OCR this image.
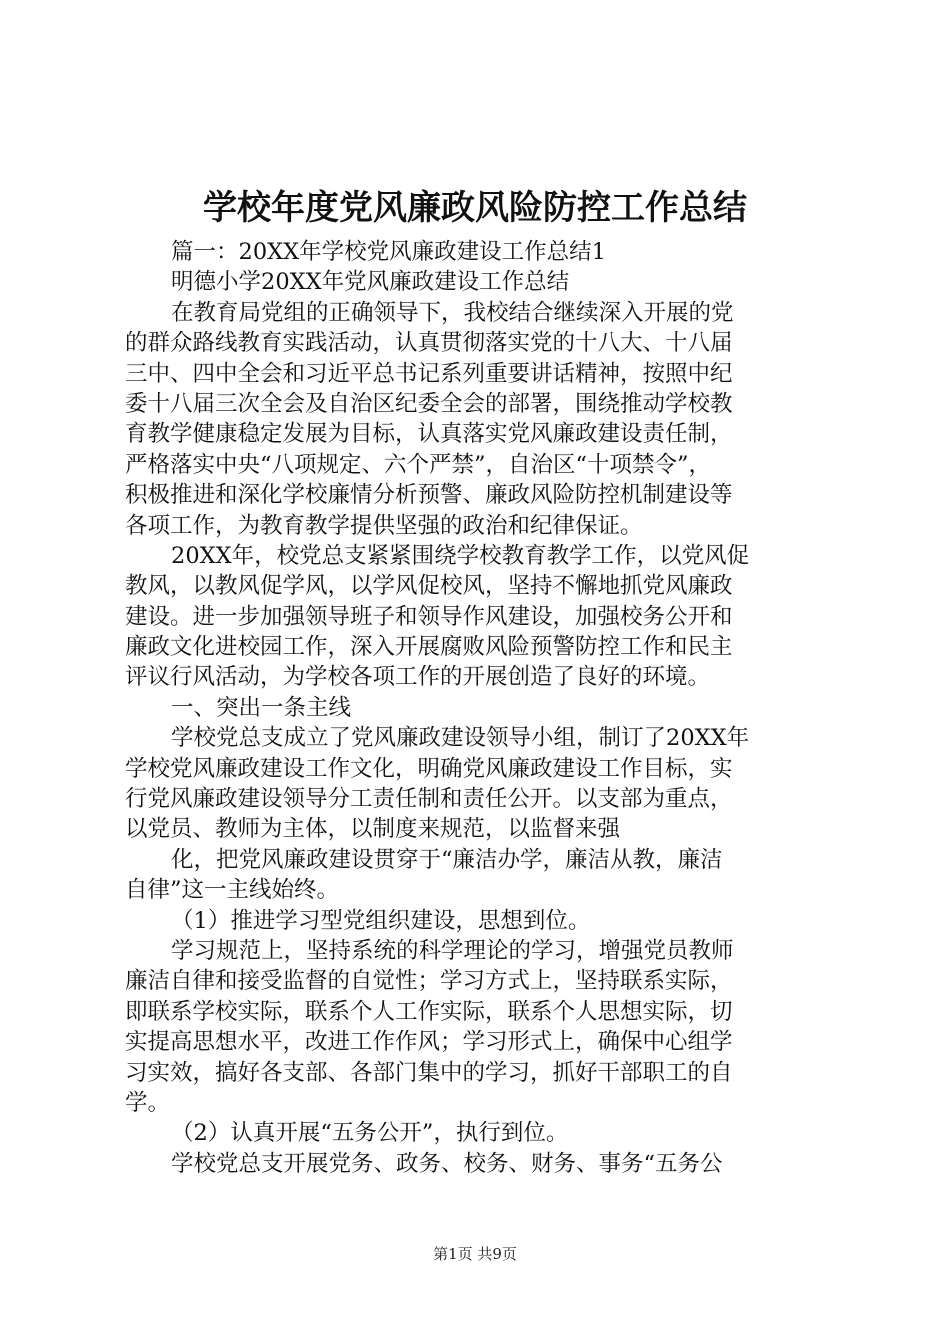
学校年度党风廉政风险防控工作总结
篇一：20XX年学校党风廉政建设工作总结1
明德小学20XX年党风廉政建设工作总结
在教育局党组的正确领导下，我校结合继续深入开展的党
的群众路线教育实践活动，认真贯彻落实党的十八大、十八届
三中、四中全会和习近平总书记系列重要讲话精神，按照中纪
委十八届三次全会及自治区纪委全会的部署，围绕推动学校教
育教学健康稳定发展为目标，认真落实党风廉政建设责任制，
严格落实中央“八项规定、六个严禁”，自治区“十项禁令”，
积极推进和深化学校廉情分析预警、廉政风险防控机制建设等
各项工作，为教育教学提供坚强的政治和纪律保证。
20XX年，校党总支紧紧围绕学校教育教学工作，以党风促
教风，以教风促学风，以学风促校风，坚持不懈地抓党风廉政
建设。进一步加强领导班子和领导作风建设，加强校务公开和
廉政文化进校园工作，深入开展腐败风险预警防控工作和民主
评议行风活动，为学校各项工作的开展创造了良好的环境。
一、突出一条主线
学校党总支成立了党风廉政建设领导小组，制订了20XX年
学校党风廉政建设工作文化，明确党风廉政建设工作目标，实
行党风廉政建设领导分工责任制和责任公开。以支部为重点，
以党员、教师为主体，以制度来规范，以监督来强
化，把党风廉政建设贯穿于“廉洁办学，廉洁从教，廉洁
自律”这一主线始终。
（1）推进学习型党组织建设，思想到位。
学习规范上，坚持系统的科学理论的学习，增强党员教师
廉洁自律和接受监督的自觉性；学习方式上，坚持联系实际，
即联系学校实际，联系个人工作实际，联系个人思想实际，切
实提高思想水平，改进工作作风；学习形式上，确保中心组学
习实效，搞好各支部、各部门集中的学习，抓好干部职工的自
学。
（2）认真开展“五务公开”，执行到位。
学校党总支开展党务、政务、校务、财务、事务“五务公
第1页 共9页
